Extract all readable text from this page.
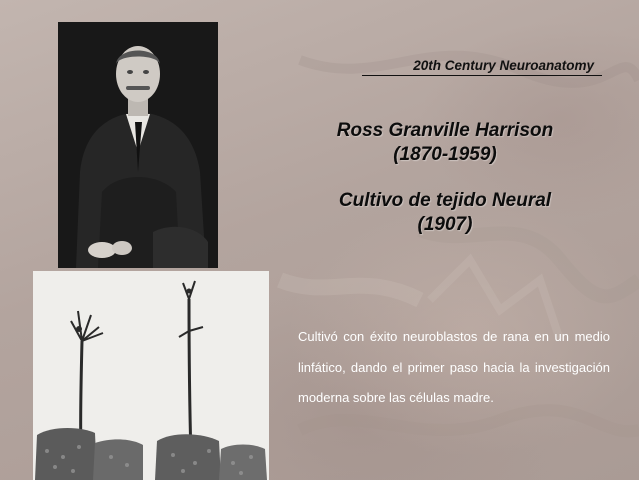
20th Century Neuroanatomy
Ross Granville Harrison
(1870-1959)
Cultivo de tejido Neural
(1907)
Cultivó con éxito neuroblastos de rana en un medio linfático, dando el primer paso hacia la investigación moderna sobre las células madre.
